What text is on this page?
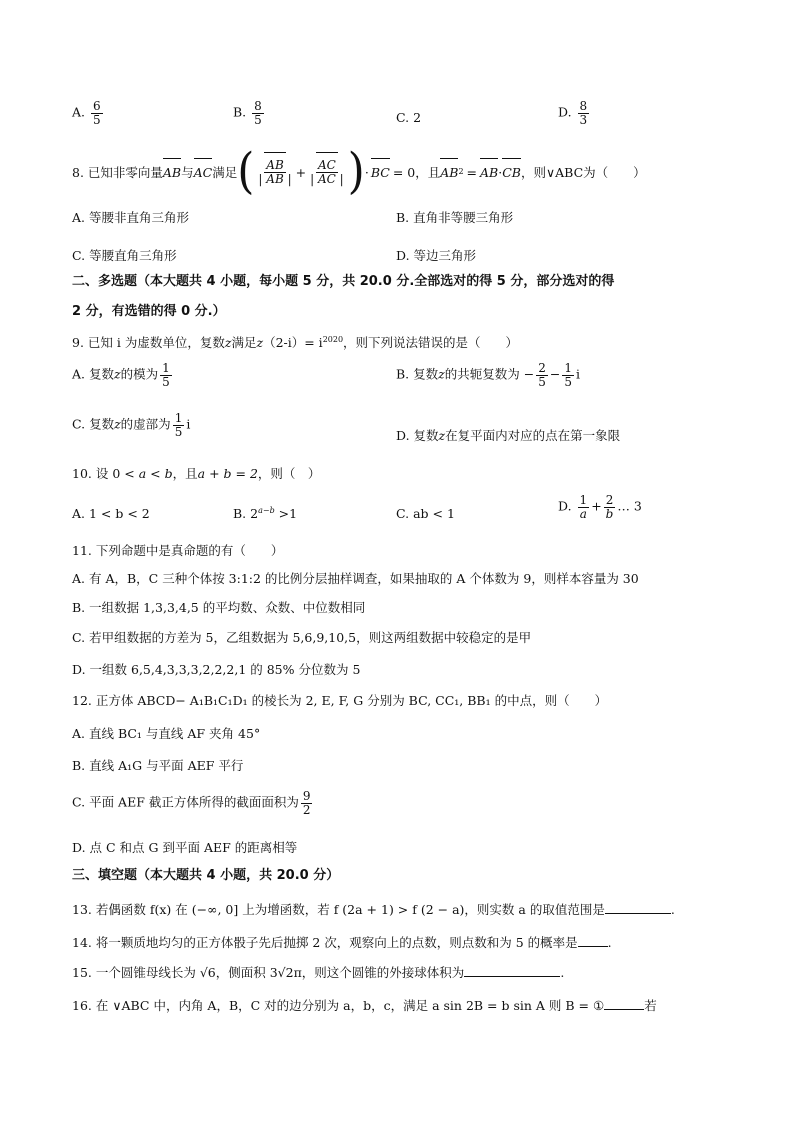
A. $\frac{6}{5}$	B. $\frac{8}{5}$	C. 2	D. $\frac{8}{3}$
8. 已知非零向量 AB 与 AC 满足 ( $\frac{AB}{| AB |} + \frac{AC}{| AC |}$ ) · BC = 0，且 AB 2 = AB · CB ，则 ∨ABC为（　　）
A. 等腰非直角三角形	B. 直角非等腰三角形
C. 等腰直角三角形	D. 等边三角形
二、多选题（本大题共 4 小题，每小题 5 分，共 20.0 分.全部选对的得 5 分，部分选对的得
2 分，有选错的得 0 分.）
9. 已知 i 为虚数单位，复数z满足$z(2-i)= i^{2020}$，则下列说法错误的是（　　）
A. 复数z的模为 $\frac{1}{5}$	B. 复数z的共轭复数为 − $\frac{2}{5} - \frac{1}{5}$ i
C. 复数z的虚部为 $\frac{1}{5}$ i
D. 复数z在复平面内对应的点在第一象限
10. 设 0 < a < b，且a + b = 2，则（　）
A. 1 < b < 2	B. $2^{a-b} >1$	C. ab < 1	D. $\frac{1}{a} + \frac{2}{b}$ … 3
11. 下列命题中是真命题的有（　　）
A. 有 A，B，C 三种个体按 3:1:2 的比例分层抽样调查，如果抽取的 A 个体数为 9，则样本容量为 30
B. 一组数据 1,3,3,4,5 的平均数、众数、中位数相同
C. 若甲组数据的方差为 5，乙组数据为 5,6,9,10,5，则这两组数据中较稳定的是甲
D. 一组数 6,5,4,3,3,3,2,2,2,1 的 85% 分位数为 5
12. 正方体 ABCD− A₁B₁C₁D₁ 的棱长为 2, E, F, G 分别为 BC, CC₁, BB₁ 的中点，则（　　）
A. 直线 BC₁ 与直线 AF 夹角 45°
B. 直线 A₁G 与平面 AEF 平行
C. 平面 AEF 截正方体所得的截面面积为 $\frac{9}{2}$
D. 点 C 和点 G 到平面 AEF 的距离相等
三、填空题（本大题共 4 小题，共 20.0 分）
13. 若偶函数 f(x) 在 (−∞, 0] 上为增函数，若 f (2a + 1) > f (2 − a)，则实数 a 的取值范围是	.
14. 将一颗质地均匀的正方体骰子先后抛掷 2 次，观察向上的点数，则点数和为 5 的概率是 .
15. 一个圆锥母线长为 √6，侧面积 3√2π，则这个圆锥的外接球体积为	.
16. 在 ∨ABC 中，内角 A，B，C 对的边分别为 a，b，c，满足 a sin 2B = b sin A 则 B = ①	若
